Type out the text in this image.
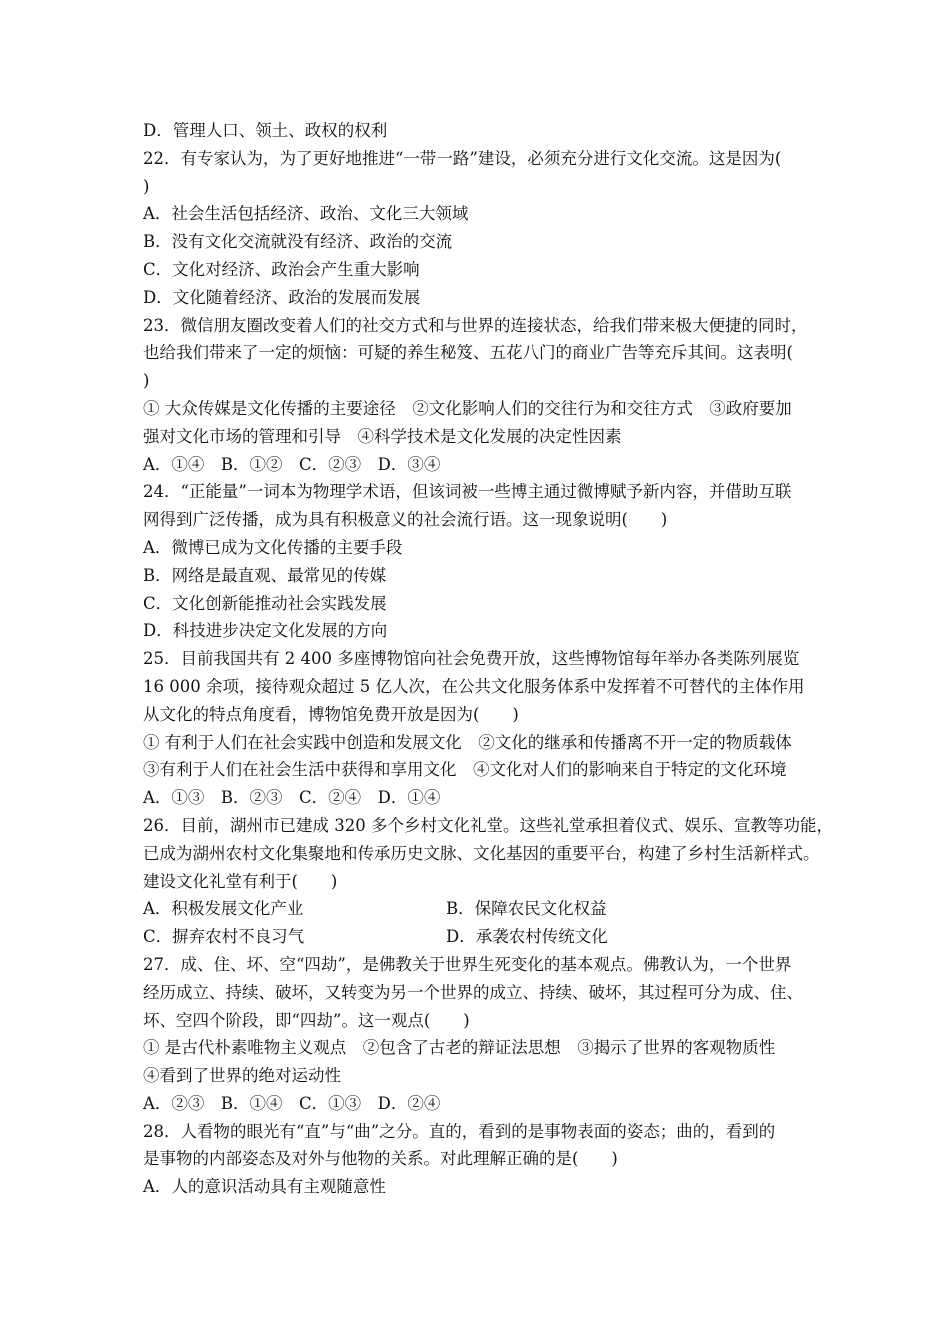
D．管理人口、领土、政权的权利
22．有专家认为，为了更好地推进“一带一路”建设，必须充分进行文化交流。这是因为(
)
A．社会生活包括经济、政治、文化三大领域
B．没有文化交流就没有经济、政治的交流
C．文化对经济、政治会产生重大影响
D．文化随着经济、政治的发展而发展
23．微信朋友圈改变着人们的社交方式和与世界的连接状态，给我们带来极大便捷的同时，
也给我们带来了一定的烦恼：可疑的养生秘笈、五花八门的商业广告等充斥其间。这表明(
)
① 大众传媒是文化传播的主要途径　②文化影响人们的交往行为和交往方式　③政府要加
强对文化市场的管理和引导　④科学技术是文化发展的决定性因素
A．①④　B．①②　C．②③　D．③④
24．“正能量”一词本为物理学术语，但该词被一些博主通过微博赋予新内容，并借助互联
网得到广泛传播，成为具有积极意义的社会流行语。这一现象说明(　　)
A．微博已成为文化传播的主要手段
B．网络是最直观、最常见的传媒
C．文化创新能推动社会实践发展
D．科技进步决定文化发展的方向
25．目前我国共有 2 400 多座博物馆向社会免费开放，这些博物馆每年举办各类陈列展览
16 000 余项，接待观众超过 5 亿人次，在公共文化服务体系中发挥着不可替代的主体作用
从文化的特点角度看，博物馆免费开放是因为(　　)
① 有利于人们在社会实践中创造和发展文化　②文化的继承和传播离不开一定的物质载体
③有利于人们在社会生活中获得和享用文化　④文化对人们的影响来自于特定的文化环境
A．①③　B．②③　C．②④　D．①④
26．目前，湖州市已建成 320 多个乡村文化礼堂。这些礼堂承担着仪式、娱乐、宣教等功能，
已成为湖州农村文化集聚地和传承历史文脉、文化基因的重要平台，构建了乡村生活新样式。
建设文化礼堂有利于(　　)
A．积极发展文化产业	B．保障农民文化权益
C．摒弃农村不良习气	D．承袭农村传统文化
27．成、住、坏、空“四劫”，是佛教关于世界生死变化的基本观点。佛教认为，一个世界
经历成立、持续、破坏，又转变为另一个世界的成立、持续、破坏，其过程可分为成、住、
坏、空四个阶段，即“四劫”。这一观点(　　)
① 是古代朴素唯物主义观点　②包含了古老的辩证法思想　③揭示了世界的客观物质性
④看到了世界的绝对运动性
A．②③　B．①④　C．①③　D．②④
28．人看物的眼光有“直”与“曲”之分。直的，看到的是事物表面的姿态；曲的，看到的
是事物的内部姿态及对外与他物的关系。对此理解正确的是(　　)
A．人的意识活动具有主观随意性
